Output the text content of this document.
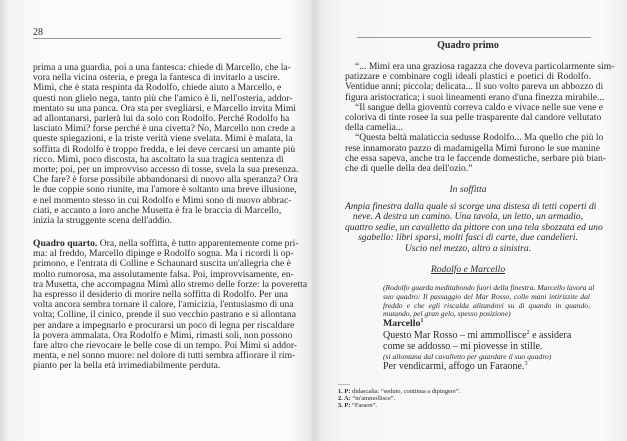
28
prima a una guardia, poi a una fantesca: chiede di Marcello, che la-
vora nella vicina osteria, e prega la fantesca di invitarlo a uscire.
Mimì, che è stata respinta da Rodolfo, chiede aiuto a Marcello, e
questi non glielo nega, tanto più che l'amico è lì, nell'osteria, addor-
mentato su una panca. Ora sta per svegliarsi, e Marcello invita Mimì
ad allontanarsi, parlerà lui da solo con Rodolfo. Perché Rodolfo ha
lasciato Mimì? forse perché è una civetta? No, Marcello non crede a
queste spiegazioni, e la triste verità viene svelata. Mimì è malata, la
soffitta di Rodolfo è troppo fredda, e lei deve cercarsi un amante più
ricco. Mimì, poco discosta, ha ascoltato la sua tragica sentenza di
morte; poi, per un improvviso accesso di tosse, svela la sua presenza.
Che fare? è forse possibile abbandonarsi di nuovo alla speranza? Ora
le due coppie sono riunite, ma l'amore è soltanto una breve illusione,
e nel momento stesso in cui Rodolfo e Mimì sono di nuovo abbrac-
ciati, e accanto a loro anche Musetta è fra le braccia di Marcello,
inizia la struggente scena dell'addio.
Quadro quarto. Ora, nella soffitta, è tutto apparentemente come pri-
ma: al freddo, Marcello dipinge e Rodolfo sogna. Ma i ricordi li op-
primono, e l'entrata di Colline e Schaunard suscita un'allegria che è
molto rumorosa, ma assolutamente falsa. Poi, improvvisamente, en-
tra Musetta, che accompagna Mimì allo stremo delle forze: la poveretta
ha espresso il desiderio di morire nella soffitta di Rodolfo. Per una
volta ancora sembra tornare il calore, l'amicizia, l'entusiasmo di una
volta; Colline, il cinico, prende il suo vecchio pastrano e si allontana
per andare a impegnarlo e procurarsi un poco di legna per riscaldare
la povera ammalata. Ora Rodolfo e Mimì, rimasti soli, non possono
fare altro che rievocare le belle cose di un tempo. Poi Mimì si addor-
menta, e nel sonno muore: nel dolore di tutti sembra affiorare il rim-
pianto per la bella età irrimediabilmente perduta.
Quadro primo
“... Mimì era una graziosa ragazza che doveva particolarmente sim-
patizzare e combinare cogli ideali plastici e poetici di Rodolfo.
Ventidue anni; piccola; delicata... Il suo volto pareva un abbozzo di
figura aristocratica; i suoi lineamenti erano d'una finezza mirabile...
“Il sangue della gioventù correva caldo e vivace nelle sue vene e
coloriva di tinte rosee la sua pelle trasparente dal candore vellutato
della camelia...
“Questa beltà malaticcia sedusse Rodolfo... Ma quello che più lo
rese innamorato pazzo di madamigella Mimì furono le sue manine
che essa sapeva, anche tra le faccende domestiche, serbare più bian-
che di quelle della dea dell'ozio.”
In soffitta
Ampia finestra dalla quale si scorge una distesa di tetti coperti di
neve. A destra un camino. Una tavola, un letto, un armadio,
quattro sedie, un cavalletto da pittore con una tela sbozzata ed uno
sgabello: libri sparsi, molti fasci di carte, due candelieri.
Uscio nel mezzo, altro a sinistra.
Rodolfo e Marcello
(Rodolfo guarda meditabondo fuori della finestra. Marcello lavora al
suo quadro: Il passaggio del Mar Rosso, colle mani intirizzite dal
freddo e che egli riscalda alitandovi su di quando in quando,
mutando, pel gran gelo, spesso posizione)
Marcello$^1$
Questo Mar Rosso – mi ammollisce$^2$ e assidera
come se addosso – mi piovesse in stille.
(si allontana dal cavalletto per guardare il suo quadro)
Per vendicarmi, affogo un Faraone.$^3$
1. P: didascalia: “seduto, continua a dipingere”.
2. A: “m'ammollisce”.
3. P: “Faraon”.
